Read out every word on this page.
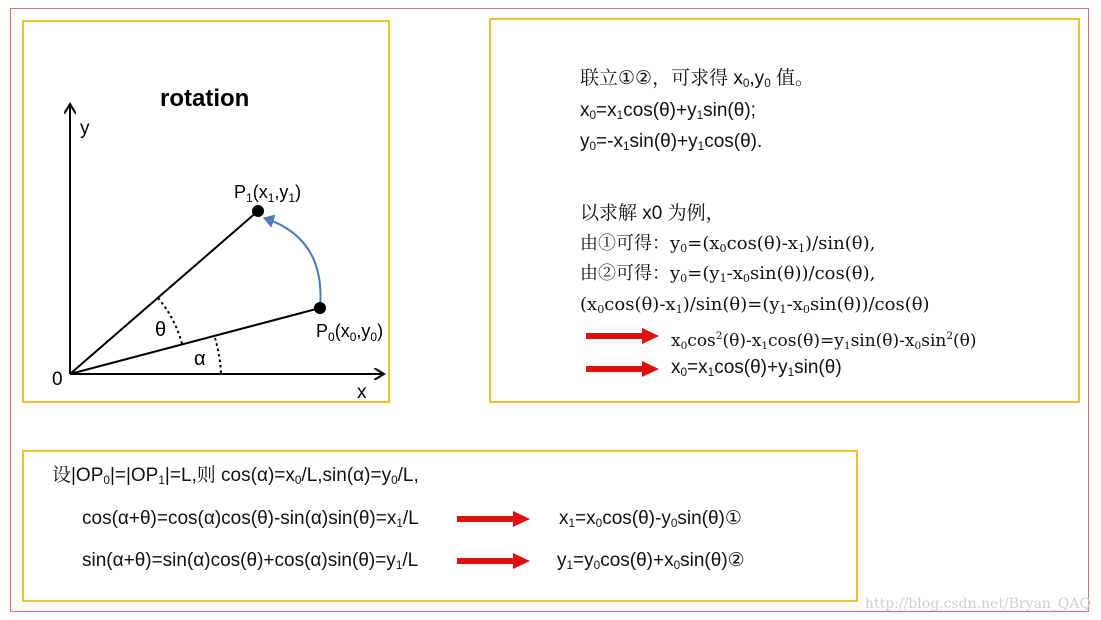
rotation
y
x
0
θ
α
$P_1(x_1,y_1)$
$P_0(x_0,y_0)$
联立①②，可求得 $x_0,y_0$ 值。
$x_0=x_1\cos(\theta)+y_1\sin(\theta)$;
$y_0=-x_1\sin(\theta)+y_1\cos(\theta)$.
以求解 x0 为例，
由①可得：$y_0=(x_0\cos(\theta)-x_1)/\sin(\theta)$,
由②可得：$y_0=(y_1-x_0\sin(\theta))/\cos(\theta)$,
$(x_0\cos(\theta)-x_1)/\sin(\theta)=(y_1-x_0\sin(\theta))/\cos(\theta)$
$x_0\cos^2(\theta)-x_1\cos(\theta)=y_1\sin(\theta)-x_0\sin^2(\theta)$
$x_0=x_1\cos(\theta)+y_1\sin(\theta)$
设$|OP_0|=|OP_1|=L$,则 $\cos(\alpha)=x_0/L,\sin(\alpha)=y_0/L$,
$\cos(\alpha+\theta)=\cos(\alpha)\cos(\theta)-\sin(\alpha)\sin(\theta)=x_1/L$	$x_1=x_0\cos(\theta)-y_0\sin(\theta)①$
$\sin(\alpha+\theta)=\sin(\alpha)\cos(\theta)+\cos(\alpha)\sin(\theta)=y_1/L$	$y_1=y_0\cos(\theta)+x_0\sin(\theta)②$
http://blog.csdn.net/Bryan_QAQ
